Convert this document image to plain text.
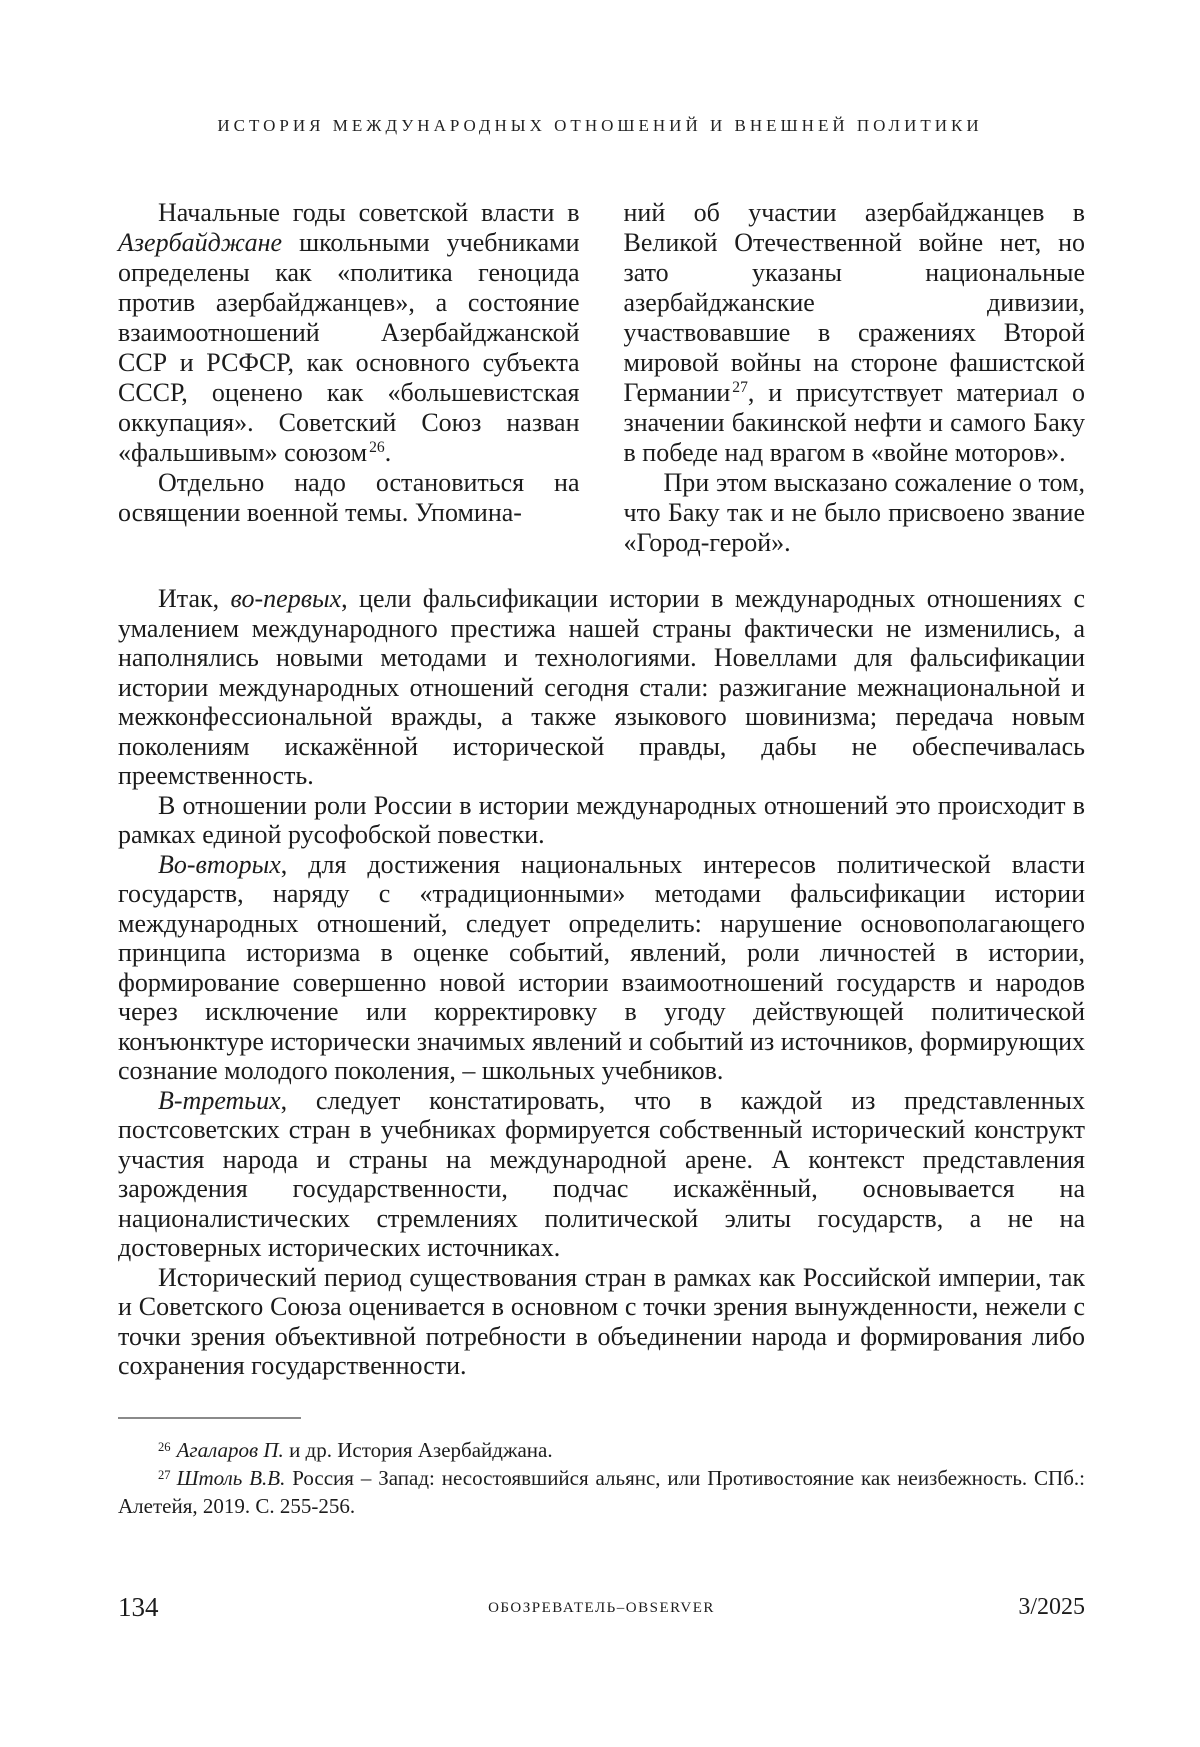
ИСТОРИЯ МЕЖДУНАРОДНЫХ ОТНОШЕНИЙ И ВНЕШНЕЙ ПОЛИТИКИ

Начальные годы советской власти в Азербайджане школьными учебниками определены как «политика геноцида против азербайджанцев», а состояние взаимоотношений Азербайджанской ССР и РСФСР, как основного субъекта СССР, оценено как «большевистская оккупация». Советский Союз назван «фальшивым» союзом $^{26}$.

Отдельно надо остановиться на освящении военной темы. Упомина-

ний об участии азербайджанцев в Великой Отечественной войне нет, но зато указаны национальные азербайджанские дивизии, участвовавшие в сражениях Второй мировой войны на стороне фашистской Германии $^{27}$, и присутствует материал о значении бакинской нефти и самого Баку в победе над врагом в «войне моторов».

При этом высказано сожаление о том, что Баку так и не было присвоено звание «Город-герой».

Итак, во-первых, цели фальсификации истории в международных отношениях с умалением международного престижа нашей страны фактически не изменились, а наполнялись новыми методами и технологиями. Новеллами для фальсификации истории международных отношений сегодня стали: разжигание межнациональной и межконфессиональной вражды, а также языкового шовинизма; передача новым поколениям искажённой исторической правды, дабы не обеспечивалась преемственность.

В отношении роли России в истории международных отношений это происходит в рамках единой русофобской повестки.

Во-вторых, для достижения национальных интересов политической власти государств, наряду с «традиционными» методами фальсификации истории международных отношений, следует определить: нарушение основополагающего принципа историзма в оценке событий, явлений, роли личностей в истории, формирование совершенно новой истории взаимоотношений государств и народов через исключение или корректировку в угоду действующей политической конъюнктуре исторически значимых явлений и событий из источников, формирующих сознание молодого поколения, – школьных учебников.

В-третьих, следует констатировать, что в каждой из представленных постсоветских стран в учебниках формируется собственный исторический конструкт участия народа и страны на международной арене. А контекст представления зарождения государственности, подчас искажённый, основывается на националистических стремлениях политической элиты государств, а не на достоверных исторических источниках.

Исторический период существования стран в рамках как Российской империи, так и Советского Союза оценивается в основном с точки зрения вынужденности, нежели с точки зрения объективной потребности в объединении народа и формирования либо сохранения государственности.

$^{26}$ Агаларов П. и др. История Азербайджана.

$^{27}$ Штоль В.В. Россия – Запад: несостоявшийся альянс, или Противостояние как неизбежность. СПб.: Алетейя, 2019. С. 255-256.

134	ОБОЗРЕВАТЕЛЬ–OBSERVER	3/2025
